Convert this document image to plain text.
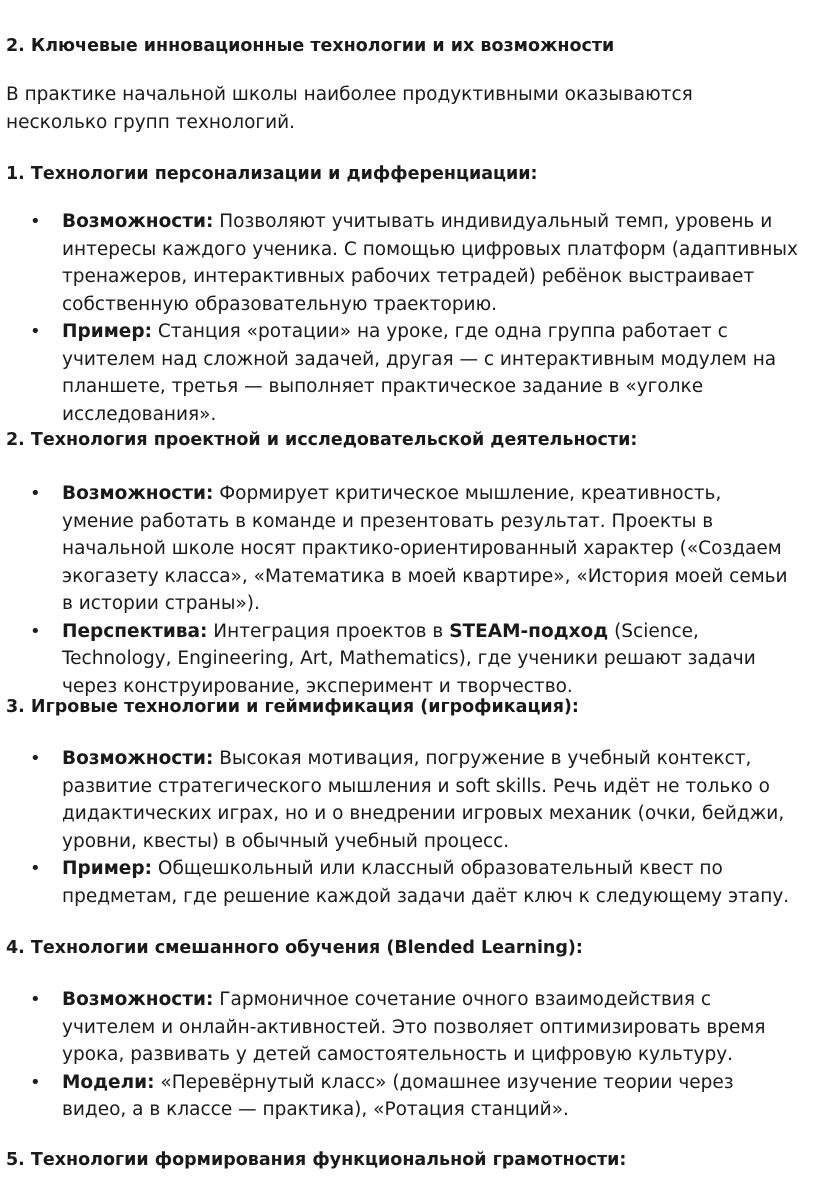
2. Ключевые инновационные технологии и их возможности

В практике начальной школы наиболее продуктивными оказываются несколько групп технологий.

1. Технологии персонализации и дифференциации:
• Возможности: Позволяют учитывать индивидуальный темп, уровень и интересы каждого ученика. С помощью цифровых платформ (адаптивных тренажеров, интерактивных рабочих тетрадей) ребёнок выстраивает собственную образовательную траекторию.
• Пример: Станция «ротации» на уроке, где одна группа работает с учителем над сложной задачей, другая — с интерактивным модулем на планшете, третья — выполняет практическое задание в «уголке исследования».
2. Технология проектной и исследовательской деятельности:
• Возможности: Формирует критическое мышление, креативность, умение работать в команде и презентовать результат. Проекты в начальной школе носят практико-ориентированный характер («Создаем экогазету класса», «Математика в моей квартире», «История моей семьи в истории страны»).
• Перспектива: Интеграция проектов в STEAM-подход (Science, Technology, Engineering, Art, Mathematics), где ученики решают задачи через конструирование, эксперимент и творчество.
3. Игровые технологии и геймификация (игрофикация):
• Возможности: Высокая мотивация, погружение в учебный контекст, развитие стратегического мышления и soft skills. Речь идёт не только о дидактических играх, но и о внедрении игровых механик (очки, бейджи, уровни, квесты) в обычный учебный процесс.
• Пример: Общешкольный или классный образовательный квест по предметам, где решение каждой задачи даёт ключ к следующему этапу.
4. Технологии смешанного обучения (Blended Learning):
• Возможности: Гармоничное сочетание очного взаимодействия с учителем и онлайн-активностей. Это позволяет оптимизировать время урока, развивать у детей самостоятельность и цифровую культуру.
• Модели: «Перевёрнутый класс» (домашнее изучение теории через видео, а в классе — практика), «Ротация станций».
5. Технологии формирования функциональной грамотности:
